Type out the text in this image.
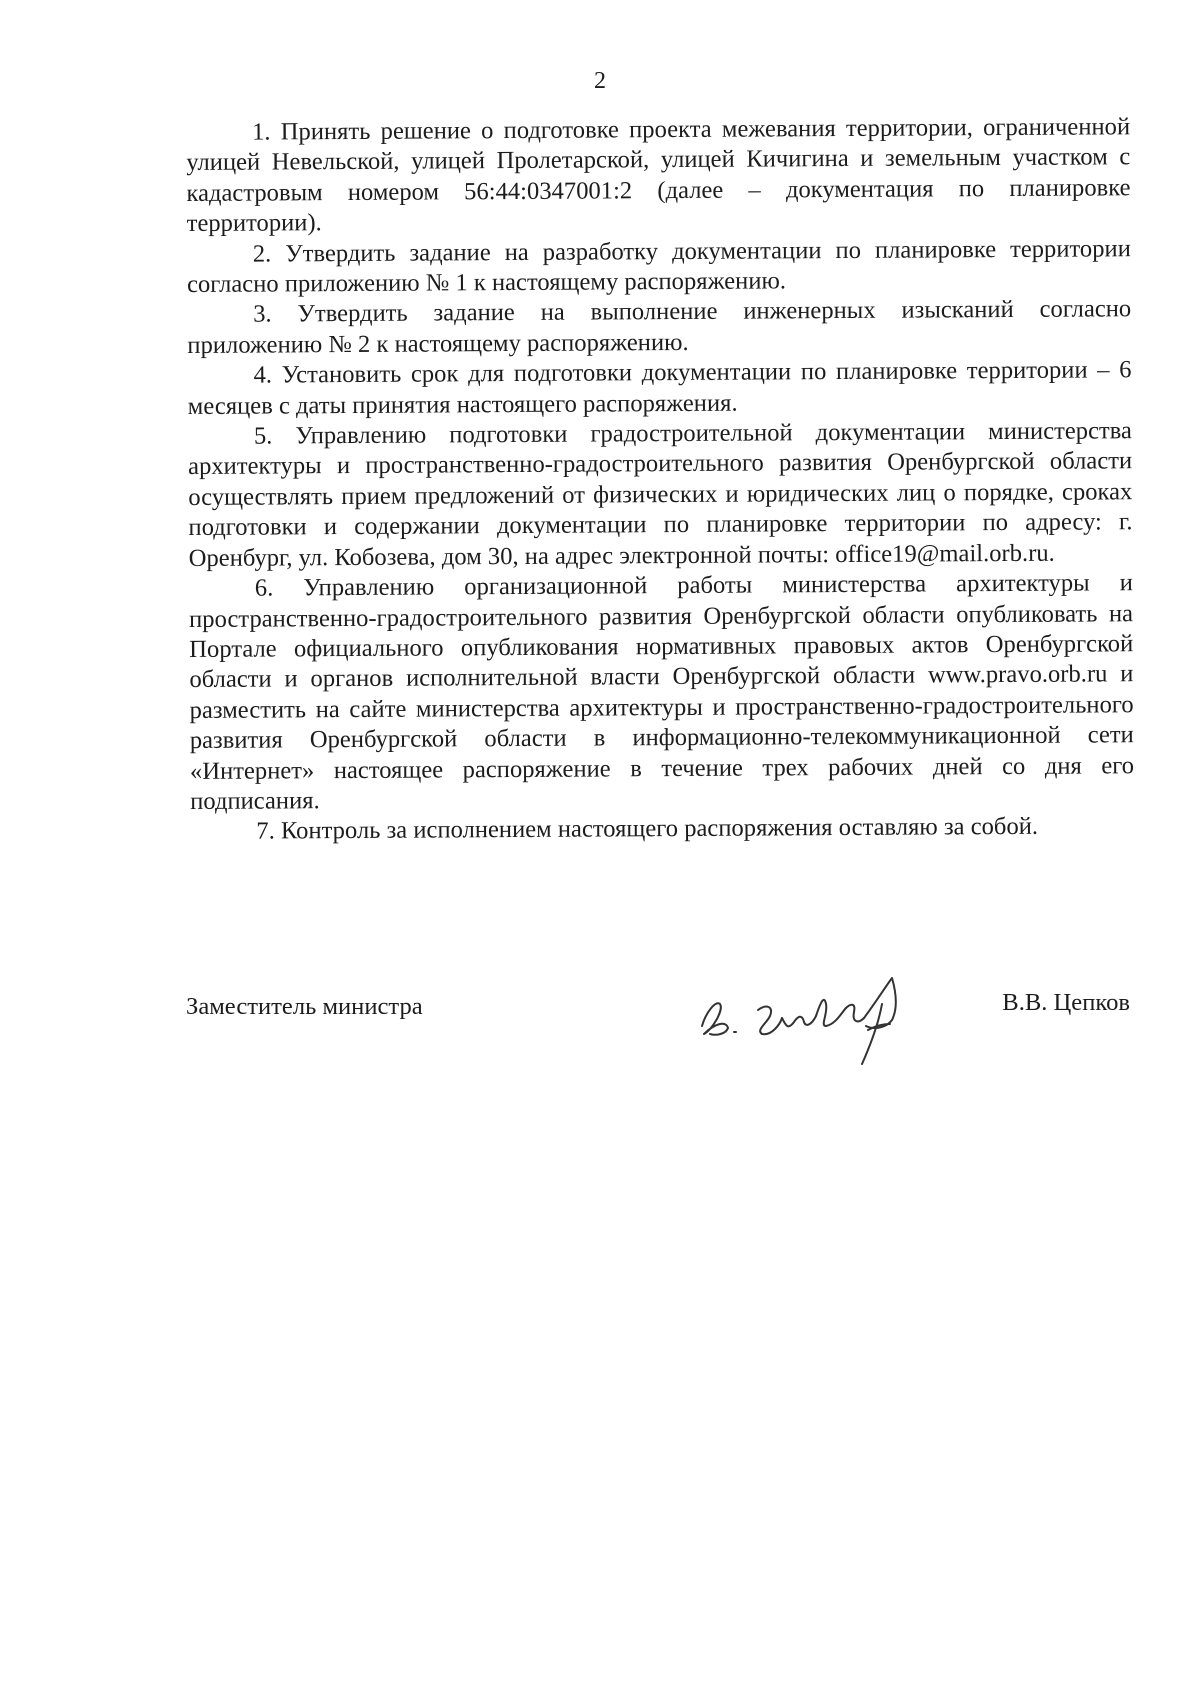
2

1. Принять решение о подготовке проекта межевания территории, ограниченной улицей Невельской, улицей Пролетарской, улицей Кичигина и земельным участком с кадастровым номером 56:44:0347001:2 (далее – документация по планировке территории).

2. Утвердить задание на разработку документации по планировке территории согласно приложению № 1 к настоящему распоряжению.

3. Утвердить задание на выполнение инженерных изысканий согласно приложению № 2 к настоящему распоряжению.

4. Установить срок для подготовки документации по планировке территории – 6 месяцев с даты принятия настоящего распоряжения.

5. Управлению подготовки градостроительной документации министерства архитектуры и пространственно-градостроительного развития Оренбургской области осуществлять прием предложений от физических и юридических лиц о порядке, сроках подготовки и содержании документации по планировке территории по адресу: г. Оренбург, ул. Кобозева, дом 30, на адрес электронной почты: office19@mail.orb.ru.

6. Управлению организационной работы министерства архитектуры и пространственно-градостроительного развития Оренбургской области опубликовать на Портале официального опубликования нормативных правовых актов Оренбургской области и органов исполнительной власти Оренбургской области www.pravo.orb.ru и разместить на сайте министерства архитектуры и пространственно-градостроительного развития Оренбургской области в информационно-телекоммуникационной сети «Интернет» настоящее распоряжение в течение трех рабочих дней со дня его подписания.

7. Контроль за исполнением настоящего распоряжения оставляю за собой.

Заместитель министра	В.В. Цепков
